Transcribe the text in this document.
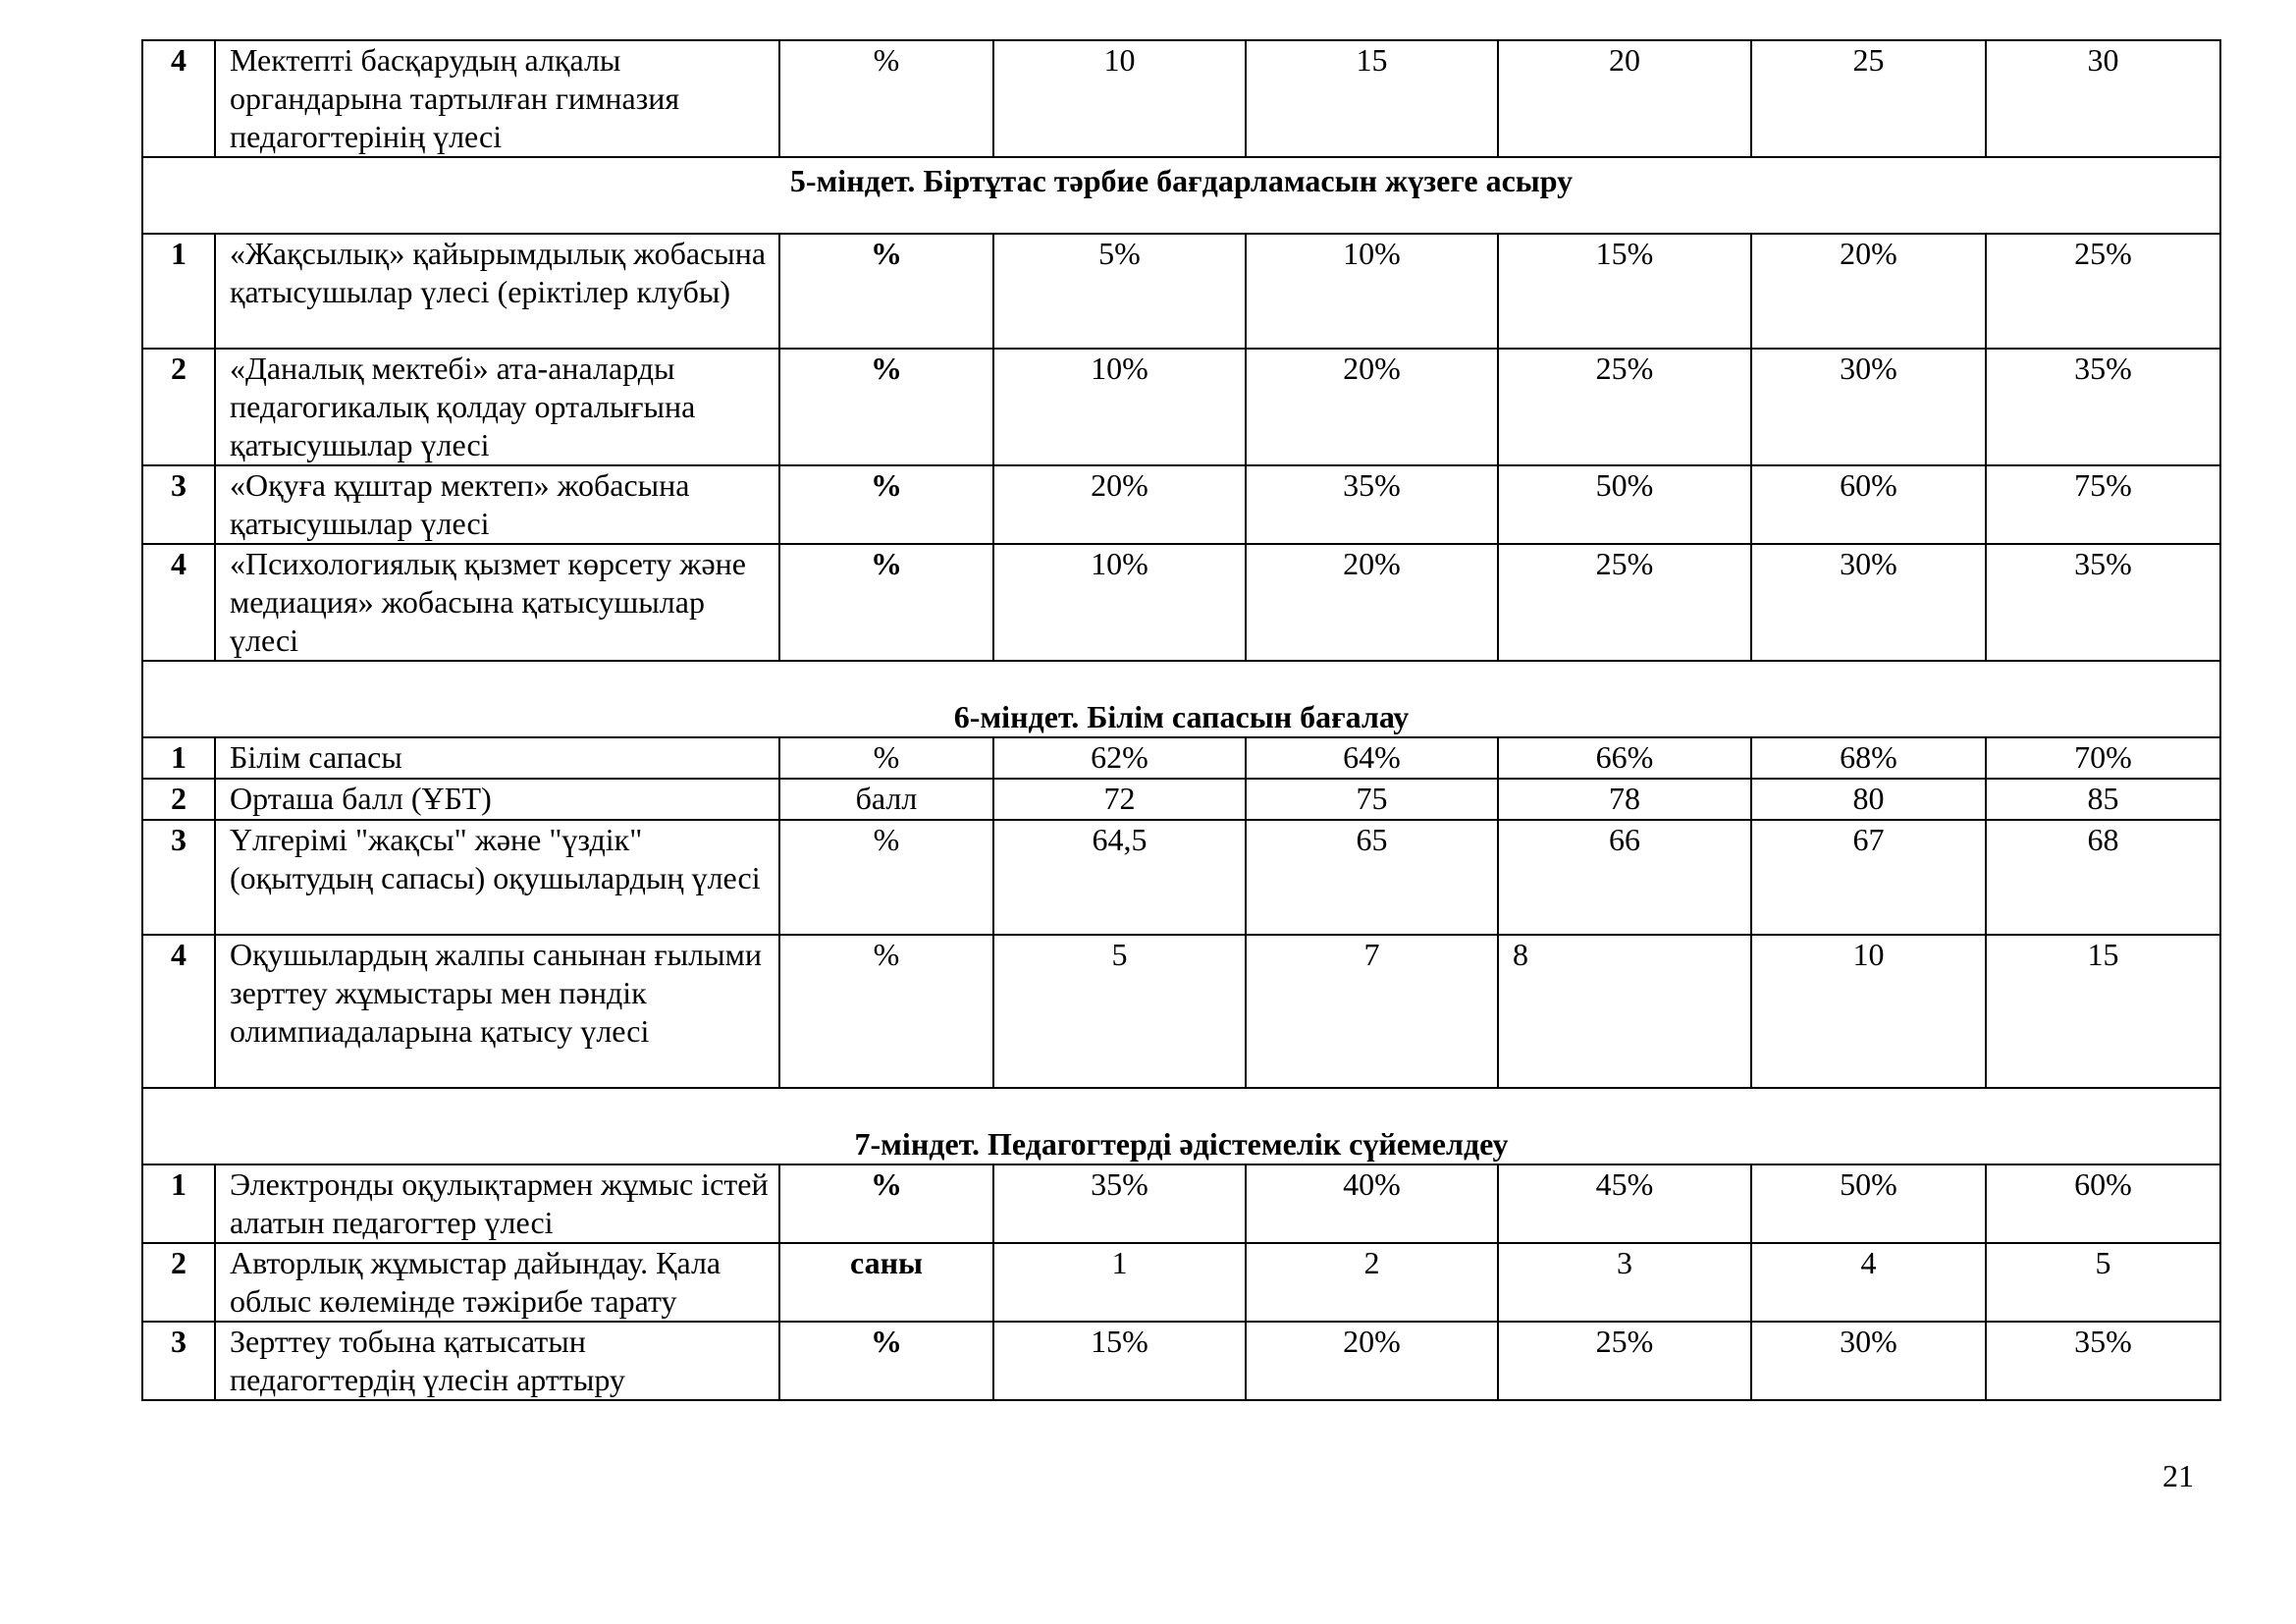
4	Мектепті басқарудың алқалы органдарына тартылған гимназия педагогтерінің үлесі	%	10	15	20	25	30
5-міндет. Біртұтас тәрбие бағдарламасын жүзеге асыру							
1	«Жақсылық» қайырымдылық жобасына қатысушылар үлесі (еріктілер клубы)	%	5%	10%	15%	20%	25%
2	«Даналық мектебі» ата-аналарды педагогикалық қолдау орталығына қатысушылар үлесі	%	10%	20%	25%	30%	35%
3	«Оқуға құштар мектеп» жобасына қатысушылар үлесі	%	20%	35%	50%	60%	75%
4	«Психологиялық қызмет көрсету және медиация» жобасына қатысушылар үлесі	%	10%	20%	25%	30%	35%
6-міндет. Білім сапасын бағалау							
1	Білім сапасы	%	62%	64%	66%	68%	70%
2	Орташа балл (ҰБТ)	балл	72	75	78	80	85
3	Үлгерімі "жақсы" және "үздік" (оқытудың сапасы) оқушылардың үлесі	%	64,5	65	66	67	68
4	Оқушылардың жалпы санынан ғылыми зерттеу жұмыстары мен пәндік олимпиадаларына қатысу үлесі	%	5	7	8	10	15
7-міндет. Педагогтерді әдістемелік сүйемелдеу							
1	Электронды оқулықтармен жұмыс істей алатын педагогтер үлесі	%	35%	40%	45%	50%	60%
2	Авторлық жұмыстар дайындау. Қала облыс көлемінде тәжірибе тарату	саны	1	2	3	4	5
3	Зерттеу тобына қатысатын педагогтердің үлесін арттыру	%	15%	20%	25%	30%	35%
21
